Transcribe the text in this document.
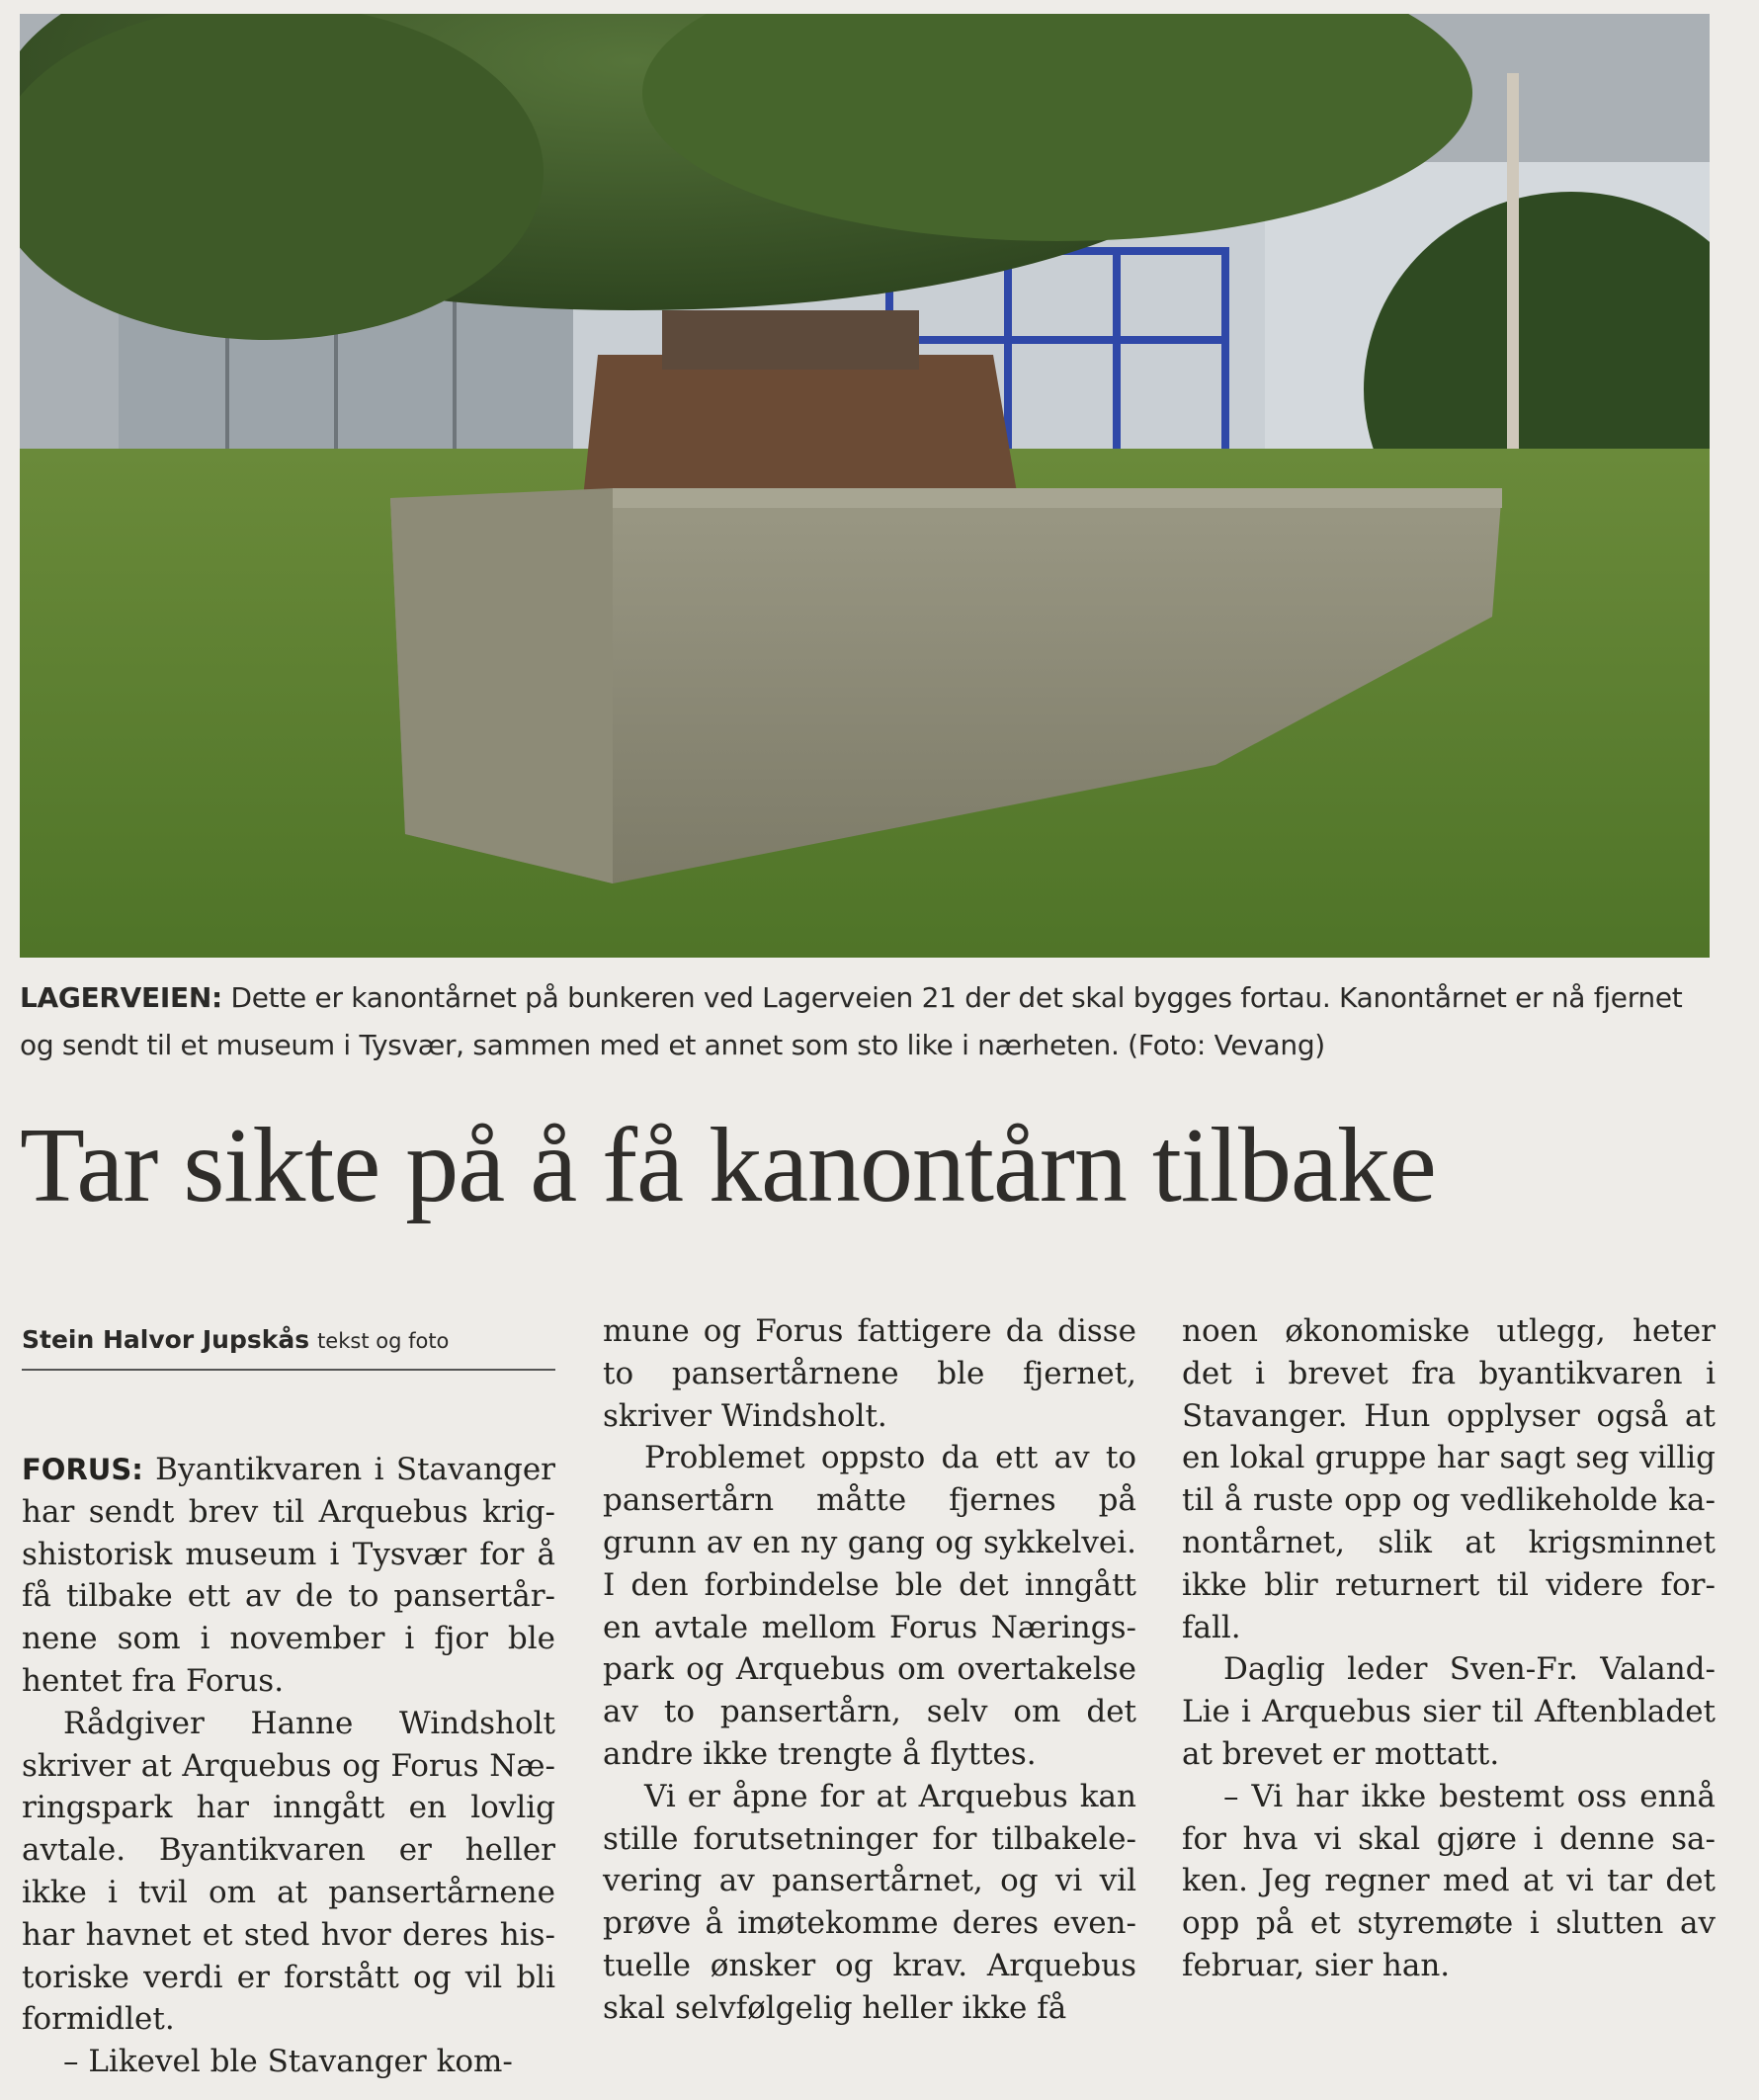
LAGERVEIEN: Dette er kanontårnet på bunkeren ved Lagerveien 21 der det skal bygges fortau. Kanontårnet er nå fjernet og sendt til et museum i Tysvær, sammen med et annet som sto like i nærheten. (Foto: Vevang)
Tar sikte på å få kanontårn tilbake
Stein Halvor Jupskås tekst og foto

FORUS: Byantikvaren i Stavanger har sendt brev til Arquebus krigshistorisk museum i Tysvær for å få tilbake ett av de to pansertårnene som i november i fjor ble hentet fra Forus.

Rådgiver Hanne Windsholt skriver at Arquebus og Forus Næringspark har inngått en lovlig avtale. Byantikvaren er heller ikke i tvil om at pansertårnene har havnet et sted hvor deres historiske verdi er forstått og vil bli formidlet.

– Likevel ble Stavanger kom-

mune og Forus fattigere da disse to pansertårnene ble fjernet, skriver Windsholt.

Problemet oppsto da ett av to pansertårn måtte fjernes på grunn av en ny gang og sykkelvei. I den forbindelse ble det inngått en avtale mellom Forus Næringspark og Arquebus om overtakelse av to pansertårn, selv om det andre ikke trengte å flyttes.

Vi er åpne for at Arquebus kan stille forutsetninger for tilbakelevering av pansertårnet, og vi vil prøve å imøtekomme deres eventuelle ønsker og krav. Arquebus skal selvfølgelig heller ikke få

noen økonomiske utlegg, heter det i brevet fra byantikvaren i Stavanger. Hun opplyser også at en lokal gruppe har sagt seg villig til å ruste opp og vedlikeholde kanontårnet, slik at krigsminnet ikke blir returnert til videre forfall.

Daglig leder Sven-Fr. Valand-Lie i Arquebus sier til Aftenbladet at brevet er mottatt.

– Vi har ikke bestemt oss ennå for hva vi skal gjøre i denne saken. Jeg regner med at vi tar det opp på et styremøte i slutten av februar, sier han.
